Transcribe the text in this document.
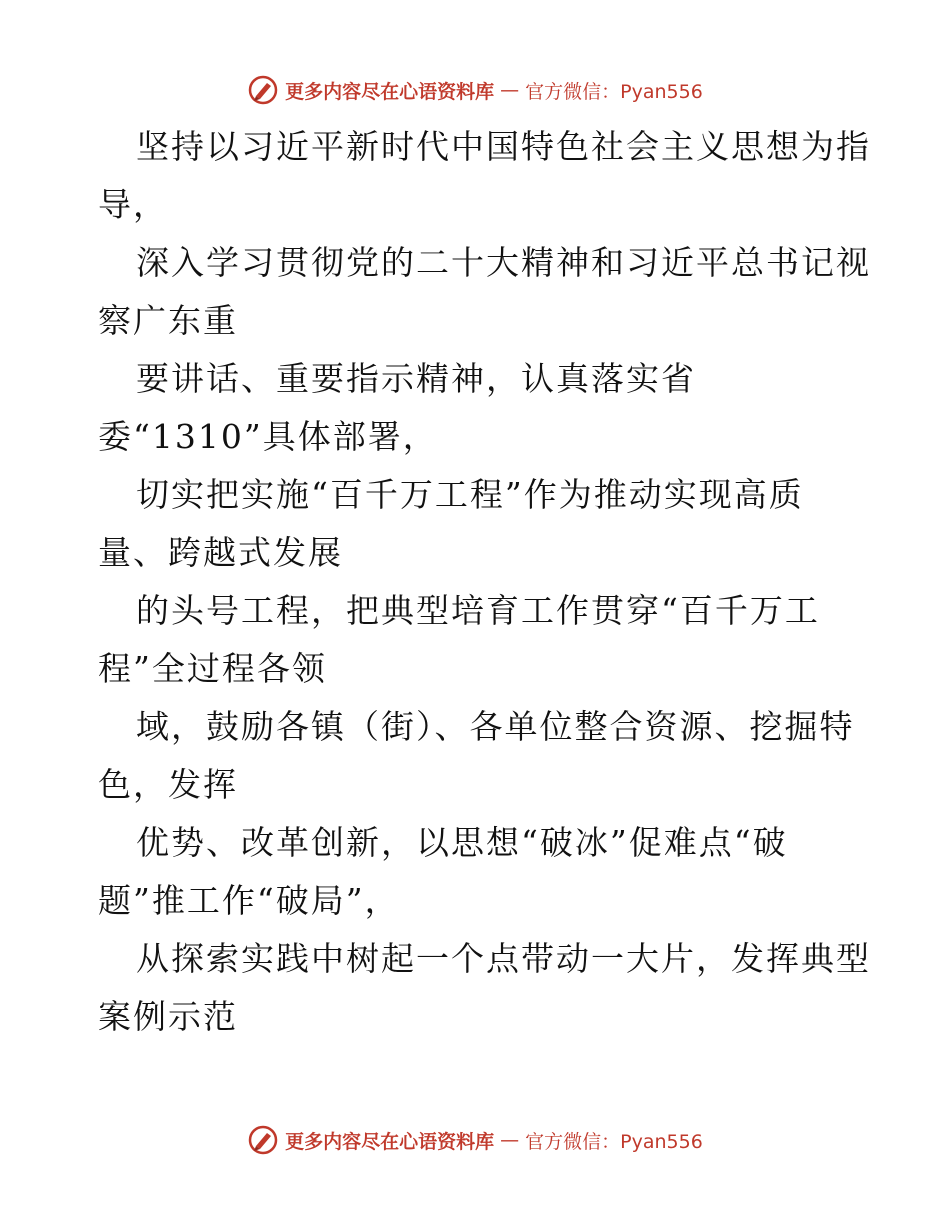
更多内容尽在心语资料库 — 官方微信：Pyan556
坚持以习近平新时代中国特色社会主义思想为指
导，
深入学习贯彻党的二十大精神和习近平总书记视
察广东重
要讲话、重要指示精神，认真落实省
委“1310”具体部署，
切实把实施“百千万工程”作为推动实现高质
量、跨越式发展
的头号工程，把典型培育工作贯穿“百千万工
程”全过程各领
域，鼓励各镇（街）、各单位整合资源、挖掘特
色，发挥
优势、改革创新，以思想“破冰”促难点“破
题”推工作“破局”，
从探索实践中树起一个点带动一大片，发挥典型
案例示范
更多内容尽在心语资料库 — 官方微信：Pyan556
